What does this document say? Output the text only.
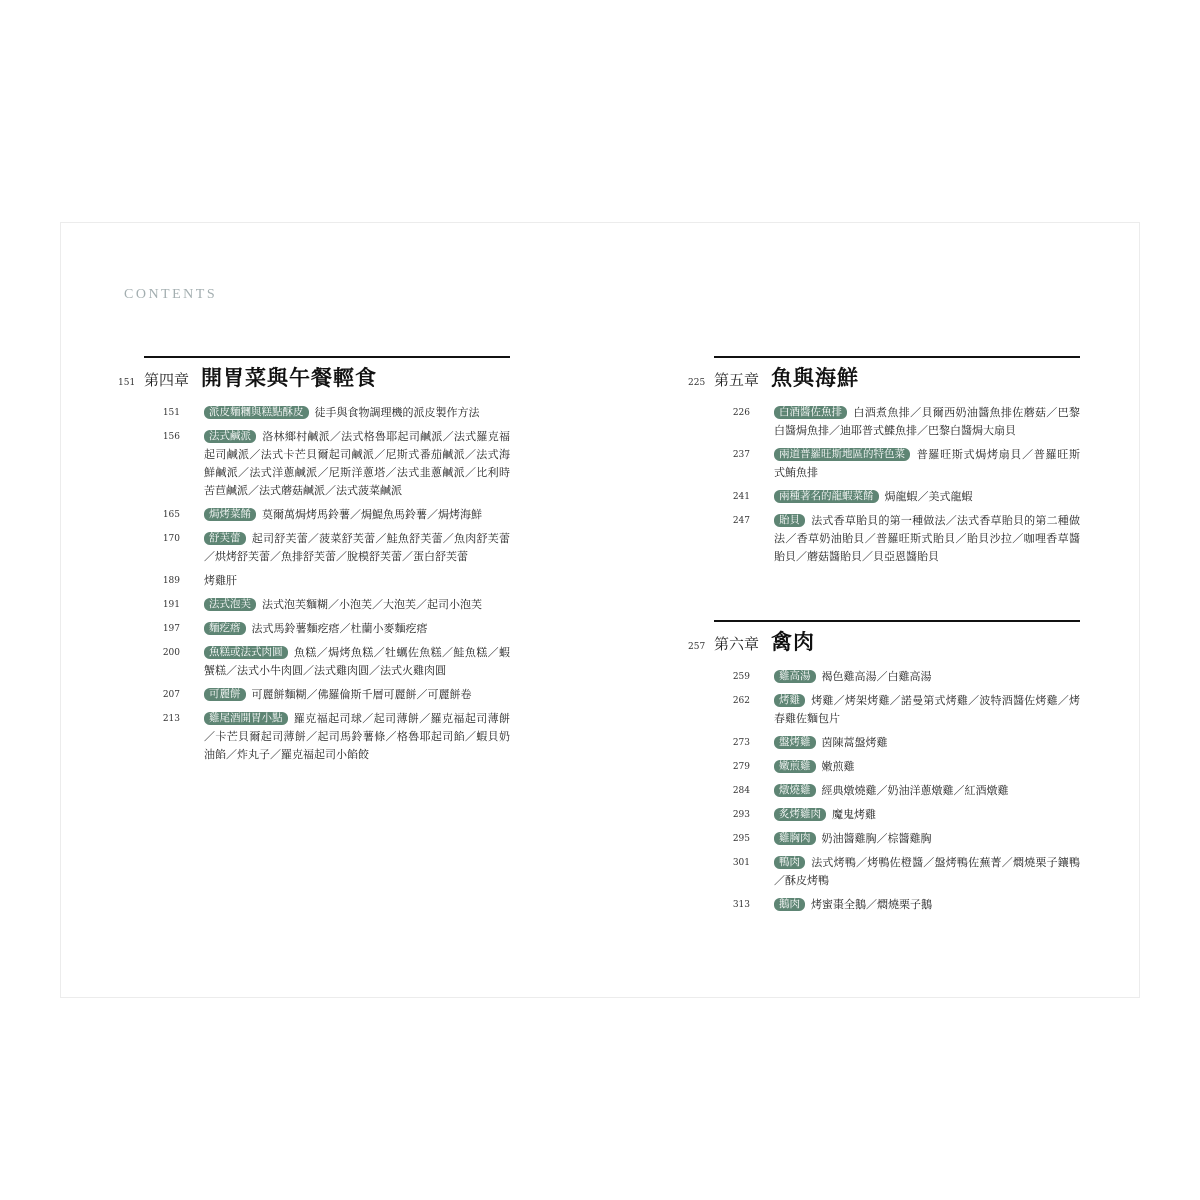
CONTENTS
151 第四章 開胃菜與午餐輕食
151	派皮麵糰與糕點酥皮 徒手與食物調理機的派皮製作方法
156	法式鹹派 洛林鄉村鹹派／法式格魯耶起司鹹派／法式羅克福起司鹹派／法式卡芒貝爾起司鹹派／尼斯式番茄鹹派／法式海鮮鹹派／法式洋蔥鹹派／尼斯洋蔥塔／法式韭蔥鹹派／比利時苦苣鹹派／法式蘑菇鹹派／法式菠菜鹹派
165	焗烤菜餚 莫爾萬焗烤馬鈴薯／焗鯷魚馬鈴薯／焗烤海鮮
170	舒芙蕾 起司舒芙蕾／菠菜舒芙蕾／鮭魚舒芙蕾／魚肉舒芙蕾／烘烤舒芙蕾／魚排舒芙蕾／脫模舒芙蕾／蛋白舒芙蕾
189	烤雞肝
191	法式泡芙 法式泡芙麵糊／小泡芙／大泡芙／起司小泡芙
197	麵疙瘩 法式馬鈴薯麵疙瘩／杜蘭小麥麵疙瘩
200	魚糕或法式肉圓 魚糕／焗烤魚糕／牡蠣佐魚糕／鮭魚糕／蝦蟹糕／法式小牛肉圓／法式雞肉圓／法式火雞肉圓
207	可麗餅 可麗餅麵糊／佛羅倫斯千層可麗餅／可麗餅卷
213	雞尾酒開胃小點 羅克福起司球／起司薄餅／羅克福起司薄餅／卡芒貝爾起司薄餅／起司馬鈴薯條／格魯耶起司餡／蝦貝奶油餡／炸丸子／羅克福起司小餡餃
225 第五章 魚與海鮮
226	白酒醬佐魚排 白酒煮魚排／貝爾西奶油醬魚排佐蘑菇／巴黎白醬焗魚排／迪耶普式鰈魚排／巴黎白醬焗大扇貝
237	兩道普羅旺斯地區的特色菜 普羅旺斯式焗烤扇貝／普羅旺斯式鮪魚排
241	兩種著名的龍蝦菜餚 焗龍蝦／美式龍蝦
247	貽貝 法式香草貽貝的第一種做法／法式香草貽貝的第二種做法／香草奶油貽貝／普羅旺斯式貽貝／貽貝沙拉／咖哩香草醬貽貝／蘑菇醬貽貝／貝亞恩醬貽貝
257 第六章 禽肉
259	雞高湯 褐色雞高湯／白雞高湯
262	烤雞 烤雞／烤架烤雞／諾曼第式烤雞／波特酒醬佐烤雞／烤春雞佐麵包片
273	盤烤雞 茵陳蒿盤烤雞
279	嫩煎雞 嫩煎雞
284	燉燒雞 經典燉燒雞／奶油洋蔥燉雞／紅酒燉雞
293	炙烤雞肉 魔鬼烤雞
295	雞胸肉 奶油醬雞胸／棕醬雞胸
301	鴨肉 法式烤鴨／烤鴨佐橙醬／盤烤鴨佐蕪菁／燜燒栗子鑲鴨／酥皮烤鴨
313	鵝肉 烤蜜棗全鵝／燜燒栗子鵝
